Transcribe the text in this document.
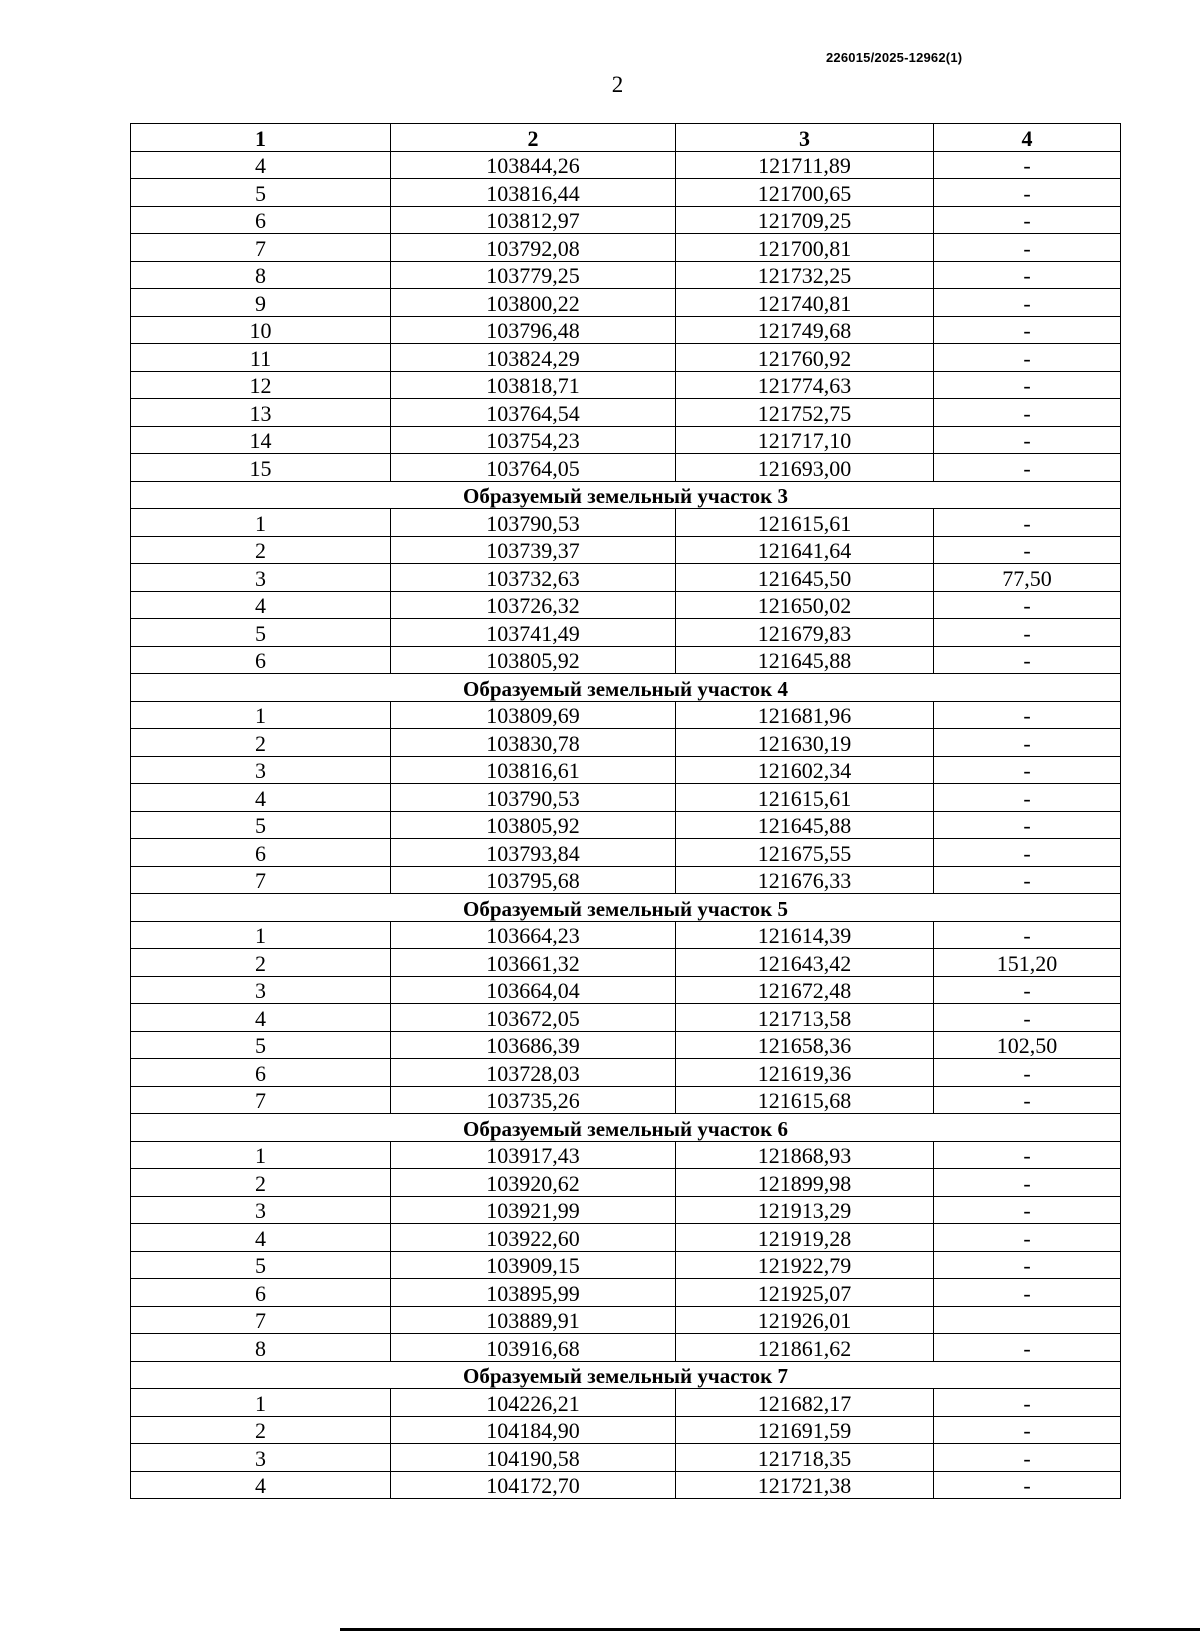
226015/2025-12962(1)
2
1	2	3	4
4	103844,26	121711,89	-
5	103816,44	121700,65	-
6	103812,97	121709,25	-
7	103792,08	121700,81	-
8	103779,25	121732,25	-
9	103800,22	121740,81	-
10	103796,48	121749,68	-
11	103824,29	121760,92	-
12	103818,71	121774,63	-
13	103764,54	121752,75	-
14	103754,23	121717,10	-
15	103764,05	121693,00	-
Образуемый земельный участок 3			
1	103790,53	121615,61	-
2	103739,37	121641,64	-
3	103732,63	121645,50	77,50
4	103726,32	121650,02	-
5	103741,49	121679,83	-
6	103805,92	121645,88	-
Образуемый земельный участок 4			
1	103809,69	121681,96	-
2	103830,78	121630,19	-
3	103816,61	121602,34	-
4	103790,53	121615,61	-
5	103805,92	121645,88	-
6	103793,84	121675,55	-
7	103795,68	121676,33	-
Образуемый земельный участок 5			
1	103664,23	121614,39	-
2	103661,32	121643,42	151,20
3	103664,04	121672,48	-
4	103672,05	121713,58	-
5	103686,39	121658,36	102,50
6	103728,03	121619,36	-
7	103735,26	121615,68	-
Образуемый земельный участок 6			
1	103917,43	121868,93	-
2	103920,62	121899,98	-
3	103921,99	121913,29	-
4	103922,60	121919,28	-
5	103909,15	121922,79	-
6	103895,99	121925,07	-
7	103889,91	121926,01	
8	103916,68	121861,62	-
Образуемый земельный участок 7			
1	104226,21	121682,17	-
2	104184,90	121691,59	-
3	104190,58	121718,35	-
4	104172,70	121721,38	-
